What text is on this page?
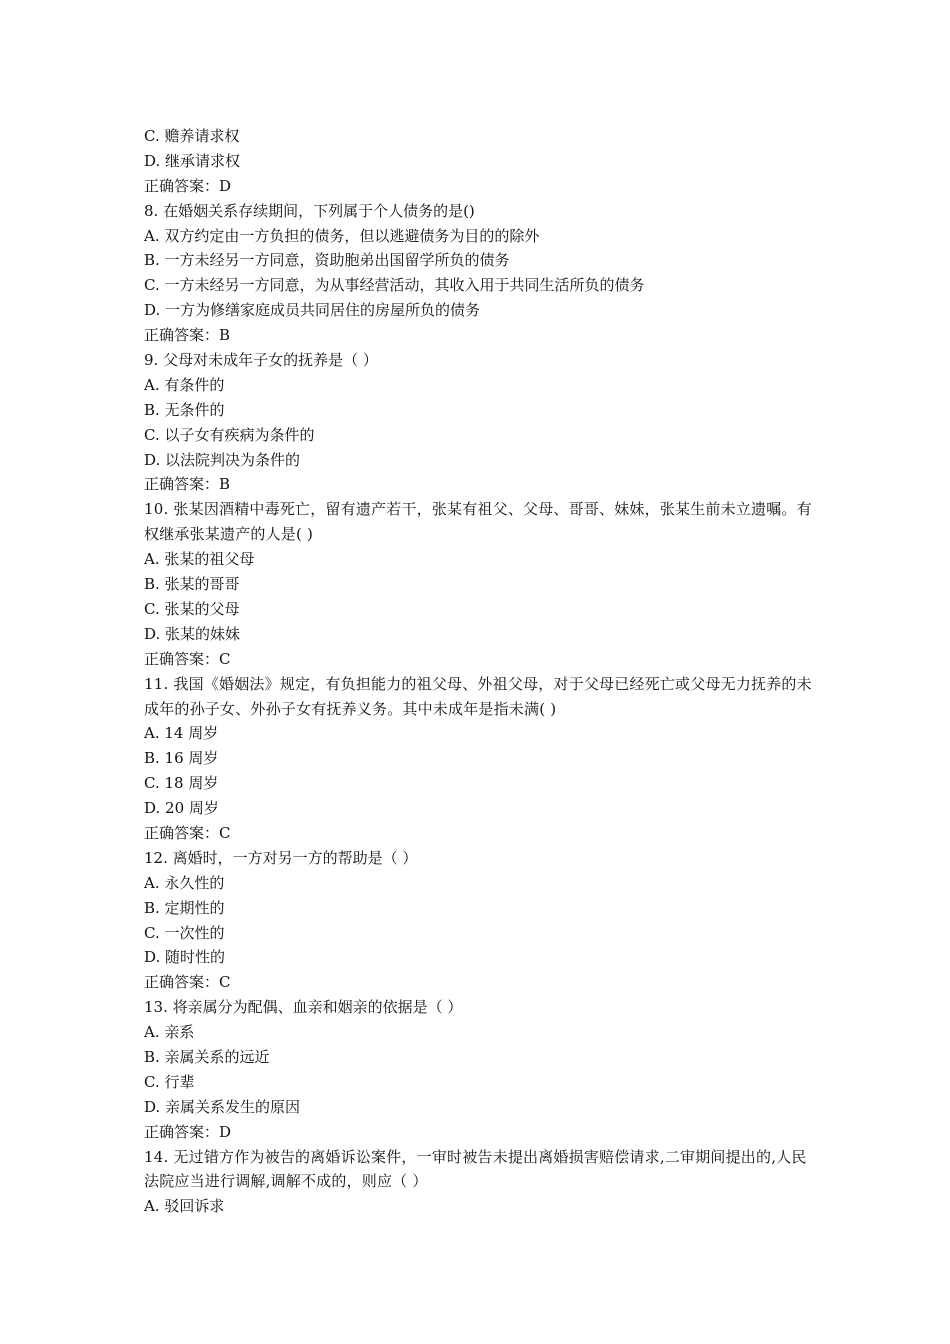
C. 赡养请求权
D. 继承请求权
正确答案：D
8. 在婚姻关系存续期间，下列属于个人债务的是()
A. 双方约定由一方负担的债务，但以逃避债务为目的的除外
B. 一方未经另一方同意，资助胞弟出国留学所负的债务
C. 一方未经另一方同意，为从事经营活动，其收入用于共同生活所负的债务
D. 一方为修缮家庭成员共同居住的房屋所负的债务
正确答案：B
9. 父母对未成年子女的抚养是（ ）
A. 有条件的
B. 无条件的
C. 以子女有疾病为条件的
D. 以法院判决为条件的
正确答案：B
10. 张某因酒精中毒死亡，留有遗产若干，张某有祖父、父母、哥哥、妹妹，张某生前未立遗嘱。有权继承张某遗产的人是( )
A. 张某的祖父母
B. 张某的哥哥
C. 张某的父母
D. 张某的妹妹
正确答案：C
11. 我国《婚姻法》规定，有负担能力的祖父母、外祖父母，对于父母已经死亡或父母无力抚养的未成年的孙子女、外孙子女有抚养义务。其中未成年是指未满( )
A. 14 周岁
B. 16 周岁
C. 18 周岁
D. 20 周岁
正确答案：C
12. 离婚时，一方对另一方的帮助是（ ）
A. 永久性的
B. 定期性的
C. 一次性的
D. 随时性的
正确答案：C
13. 将亲属分为配偶、血亲和姻亲的依据是（ ）
A. 亲系
B. 亲属关系的远近
C. 行辈
D. 亲属关系发生的原因
正确答案：D
14. 无过错方作为被告的离婚诉讼案件，一审时被告未提出离婚损害赔偿请求,二审期间提出的,人民法院应当进行调解,调解不成的，则应（ ）
A. 驳回诉求
